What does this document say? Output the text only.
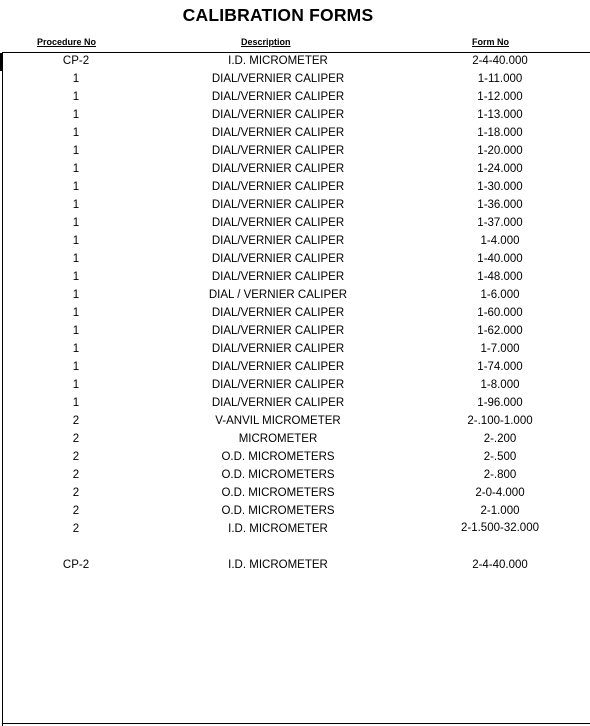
CALIBRATION FORMS
Procedure No	Description	Form No
CP-2	I.D. MICROMETER	2-4-40.000
1	DIAL/VERNIER CALIPER	1-11.000
1	DIAL/VERNIER CALIPER	1-12.000
1	DIAL/VERNIER CALIPER	1-13.000
1	DIAL/VERNIER CALIPER	1-18.000
1	DIAL/VERNIER CALIPER	1-20.000
1	DIAL/VERNIER CALIPER	1-24.000
1	DIAL/VERNIER CALIPER	1-30.000
1	DIAL/VERNIER CALIPER	1-36.000
1	DIAL/VERNIER CALIPER	1-37.000
1	DIAL/VERNIER CALIPER	1-4.000
1	DIAL/VERNIER CALIPER	1-40.000
1	DIAL/VERNIER CALIPER	1-48.000
1	DIAL / VERNIER CALIPER	1-6.000
1	DIAL/VERNIER CALIPER	1-60.000
1	DIAL/VERNIER CALIPER	1-62.000
1	DIAL/VERNIER CALIPER	1-7.000
1	DIAL/VERNIER CALIPER	1-74.000
1	DIAL/VERNIER CALIPER	1-8.000
1	DIAL/VERNIER CALIPER	1-96.000
2	V-ANVIL MICROMETER	2-.100-1.000
2	MICROMETER	2-.200
2	O.D. MICROMETERS	2-.500
2	O.D. MICROMETERS	2-.800
2	O.D. MICROMETERS	2-0-4.000
2	O.D. MICROMETERS	2-1.000
2	I.D. MICROMETER	2-1.500-32.000
CP-2	I.D. MICROMETER	2-4-40.000
